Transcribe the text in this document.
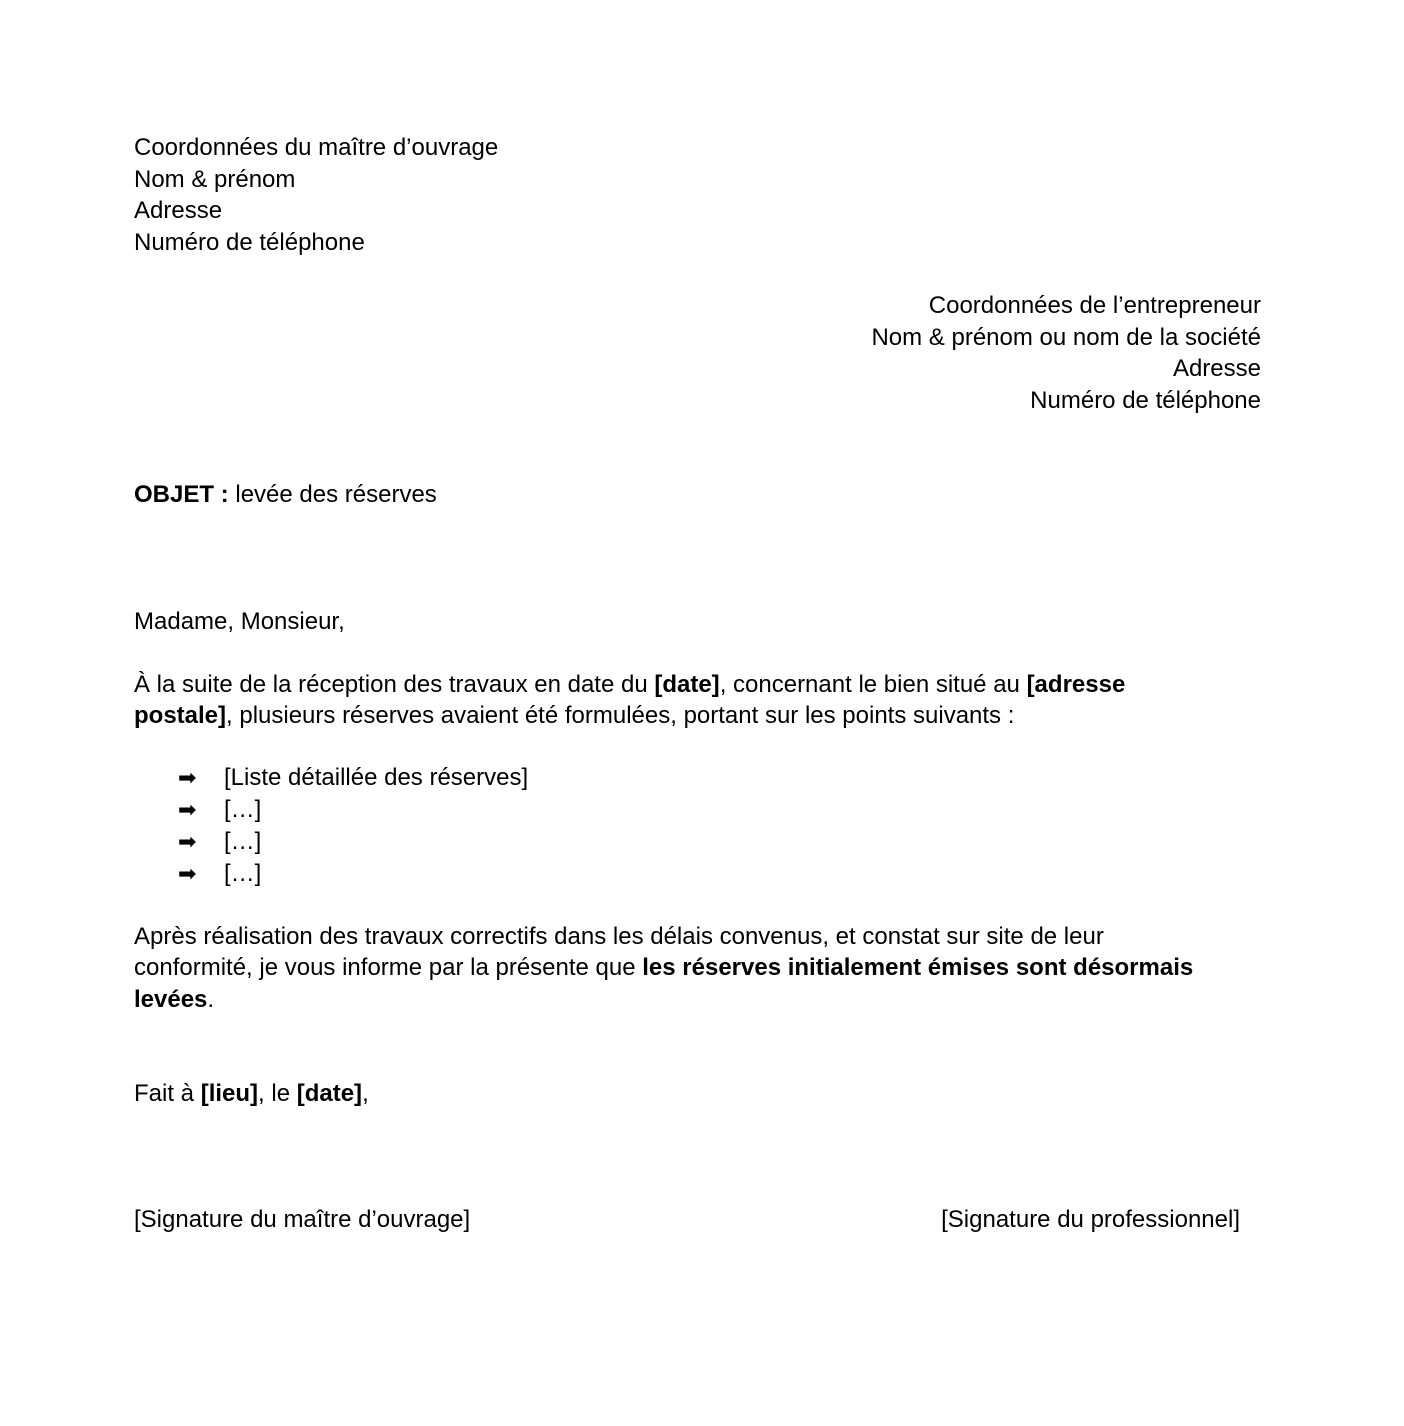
Coordonnées du maître d’ouvrage
Nom & prénom
Adresse
Numéro de téléphone
Coordonnées de l’entrepreneur
Nom & prénom ou nom de la société
Adresse
Numéro de téléphone
OBJET : levée des réserves
Madame, Monsieur,
À la suite de la réception des travaux en date du [date], concernant le bien situé au [adresse
postale], plusieurs réserves avaient été formulées, portant sur les points suivants :
➡ [Liste détaillée des réserves]
➡ […]
➡ […]
➡ […]
Après réalisation des travaux correctifs dans les délais convenus, et constat sur site de leur
conformité, je vous informe par la présente que les réserves initialement émises sont désormais
levées.
Fait à [lieu], le [date],
[Signature du maître d’ouvrage]	[Signature du professionnel]
